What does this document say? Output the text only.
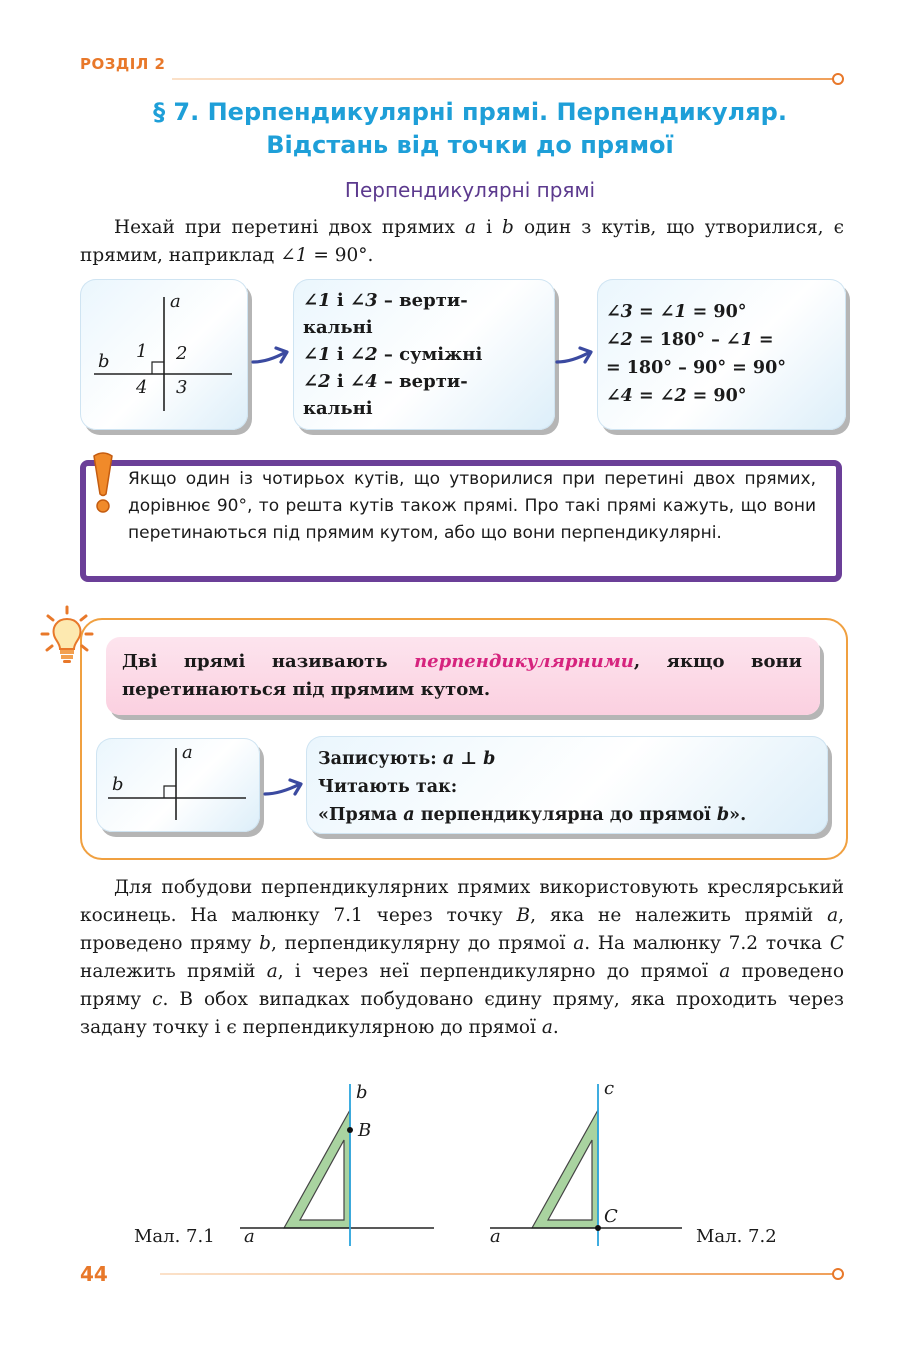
РОЗДІЛ 2
§ 7. Перпендикулярні прямі. Перпендикуляр.
Відстань від точки до прямої
Перпендикулярні прямі
Нехай при перетині двох прямих a і b один з кутів, що утворилися, є прямим, наприклад ∠1 = 90°.
a
b 1 2
3
4
∠1 і ∠3 – верти-
кальні
∠1 і ∠2 – суміжні
∠2 і ∠4 – верти-
кальні
∠3 = ∠1 = 90°
∠2 = 180° – ∠1 =
= 180° – 90° = 90°
∠4 = ∠2 = 90°
Якщо один із чотирьох кутів, що утворилися при перетині двох прямих, дорівнює 90°, то решта кутів також прямі. Про такі прямі кажуть, що вони перетинаються під прямим кутом, або що вони перпендикулярні.
Дві прямі називають перпендикулярними, якщо вони перетинаються під прямим кутом.
a
b
Записують: a ⊥ b
Читають так:
«Пряма a перпендикулярна до прямої b».
Для побудови перпендикулярних прямих використовують креслярський косинець. На малюнку 7.1 через точку B, яка не належить прямій a, проведено пряму b, перпендикулярну до прямої a. На малюнку 7.2 точка C належить прямій a, і через неї перпендикулярно до прямої a проведено пряму c. В обох випадках побудовано єдину пряму, яка проходить через задану точку і є перпендикулярною до прямої a.
b
B
a
Мал. 7.1
c
C
a	Мал. 7.2
44
